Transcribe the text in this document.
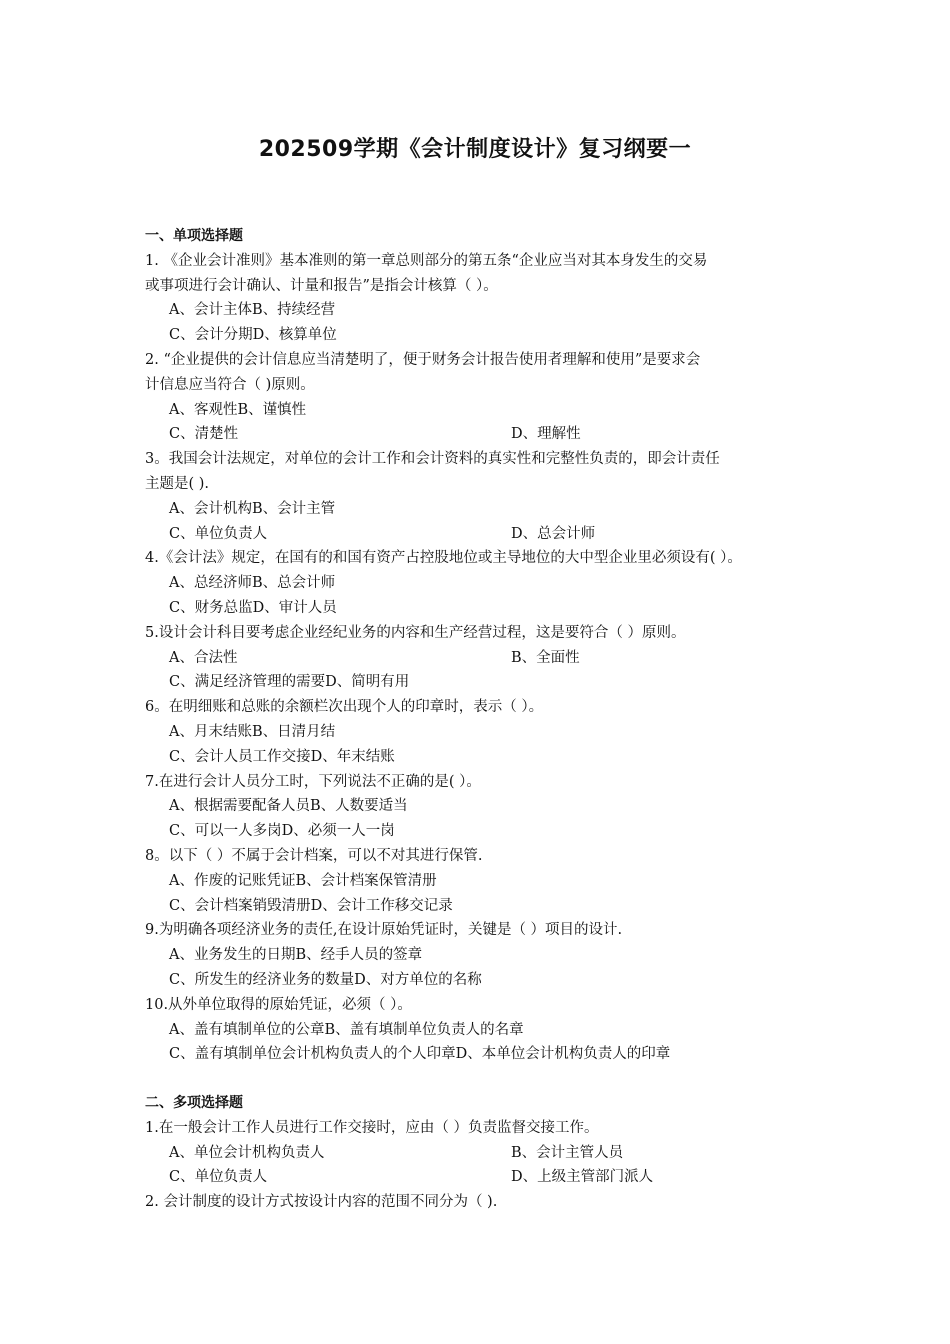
202509学期《会计制度设计》复习纲要一
一、单项选择题
1. 《企业会计准则》基本准则的第一章总则部分的第五条“企业应当对其本身发生的交易
或事项进行会计确认、计量和报告”是指会计核算（ ）。
A、会计主体B、持续经营
C、会计分期D、核算单位
2. “企业提供的会计信息应当清楚明了，便于财务会计报告使用者理解和使用”是要求会
计信息应当符合（ )原则。
A、客观性B、谨慎性
C、清楚性	D、理解性
3。我国会计法规定，对单位的会计工作和会计资料的真实性和完整性负责的，即会计责任
主题是( ).
A、会计机构B、会计主管
C、单位负责人	D、总会计师
4.《会计法》规定，在国有的和国有资产占控股地位或主导地位的大中型企业里必须设有( ）。
A、总经济师B、总会计师
C、财务总监D、审计人员
5.设计会计科目要考虑企业经纪业务的内容和生产经营过程，这是要符合（ ）原则。
A、合法性	B、全面性
C、满足经济管理的需要D、简明有用
6。在明细账和总账的余额栏次出现个人的印章时，表示（ ）。
A、月末结账B、日清月结
C、会计人员工作交接D、年末结账
7.在进行会计人员分工时，下列说法不正确的是( ）。
A、根据需要配备人员B、人数要适当
C、可以一人多岗D、必须一人一岗
8。以下（ ）不属于会计档案，可以不对其进行保管.
A、作废的记账凭证B、会计档案保管清册
C、会计档案销毁清册D、会计工作移交记录
9.为明确各项经济业务的责任,在设计原始凭证时，关键是（ ）项目的设计.
A、业务发生的日期B、经手人员的签章
C、所发生的经济业务的数量D、对方单位的名称
10.从外单位取得的原始凭证，必须（ ）。
A、盖有填制单位的公章B、盖有填制单位负责人的名章
C、盖有填制单位会计机构负责人的个人印章D、本单位会计机构负责人的印章
二、多项选择题
1.在一般会计工作人员进行工作交接时，应由（ ）负责监督交接工作。
A、单位会计机构负责人	B、会计主管人员
C、单位负责人	D、上级主管部门派人
2. 会计制度的设计方式按设计内容的范围不同分为（ ).
